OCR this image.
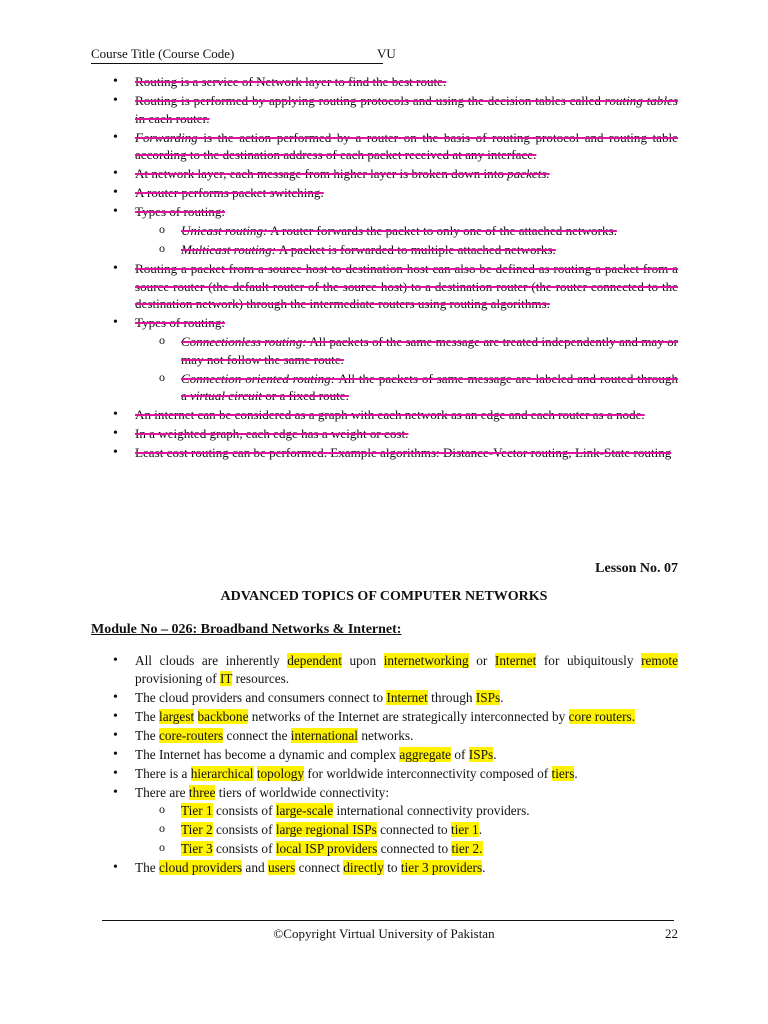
Course Title (Course Code)	VU
• Routing is a service of Network layer to find the best route.
• Routing is performed by applying routing protocols and using the decision tables called routing tables in each router.
• Forwarding is the action performed by a router on the basis of routing protocol and routing table according to the destination address of each packet received at any interface.
• At network layer, each message from higher layer is broken down into packets.
• A router performs packet switching.
• Types of routing:
o Unicast routing: A router forwards the packet to only one of the attached networks.
o Multicast routing: A packet is forwarded to multiple attached networks.
• Routing a packet from a source host to destination host can also be defined as routing a packet from a source router (the default router of the source host) to a destination router (the router connected to the destination network) through the intermediate routers using routing algorithms.
• Types of routing:
o Connectionless routing: All packets of the same message are treated independently and may or may not follow the same route.
o Connection oriented routing: All the packets of same message are labeled and routed through a virtual circuit or a fixed route.
• An internet can be considered as a graph with each network as an edge and each router as a node.
• In a weighted graph, each edge has a weight or cost.
• Least cost routing can be performed. Example algorithms: Distance-Vector routing, Link-State routing
Lesson No. 07
ADVANCED TOPICS OF COMPUTER NETWORKS
Module No – 026: Broadband Networks & Internet:
• All clouds are inherently dependent upon internetworking or Internet for ubiquitously remote provisioning of IT resources.
• The cloud providers and consumers connect to Internet through ISPs.
• The largest backbone networks of the Internet are strategically interconnected by core routers.
• The core-routers connect the international networks.
• The Internet has become a dynamic and complex aggregate of ISPs.
• There is a hierarchical topology for worldwide interconnectivity composed of tiers.
• There are three tiers of worldwide connectivity:
o Tier 1 consists of large-scale international connectivity providers.
o Tier 2 consists of large regional ISPs connected to tier 1.
o Tier 3 consists of local ISP providers connected to tier 2.
• The cloud providers and users connect directly to tier 3 providers.
©Copyright Virtual University of Pakistan	22
